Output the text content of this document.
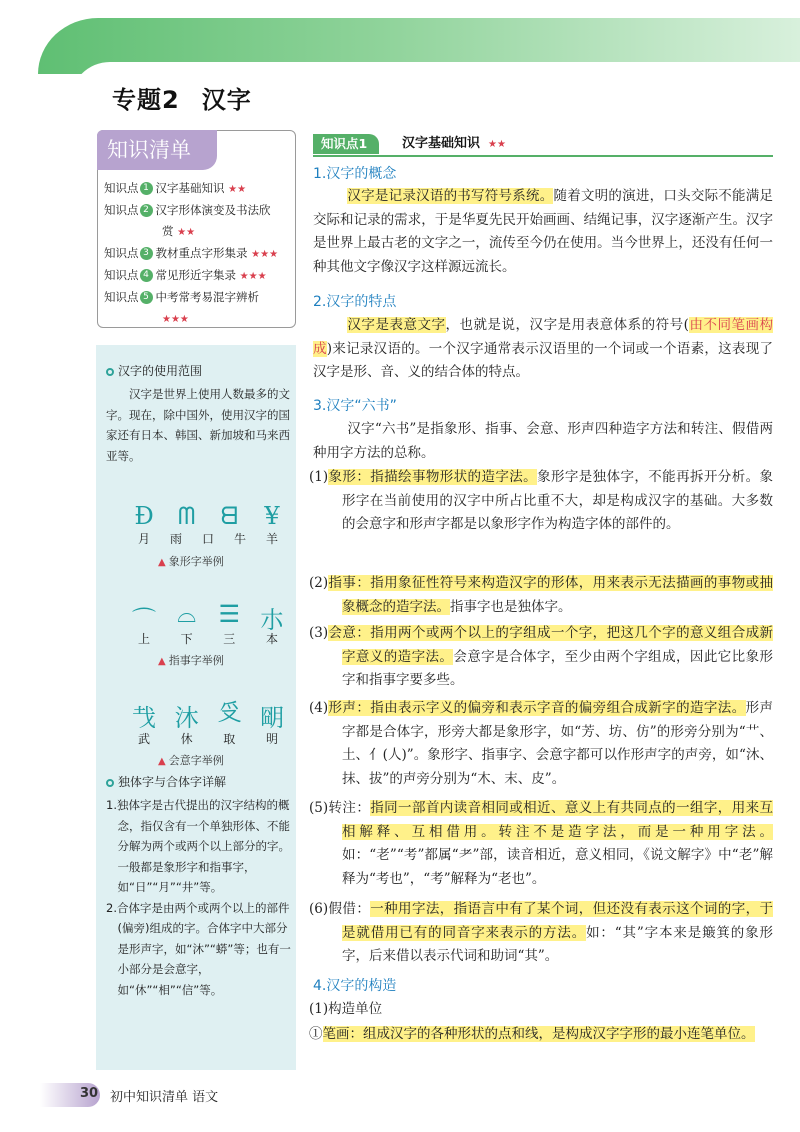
专题2 汉字
知识清单
知识点 1 汉字基础知识 ★★
知识点 2 汉字形体演变及书法欣
赏 ★★
知识点 3 教材重点字形集录 ★★★
知识点 4 常见形近字集录 ★★★
知识点 5 中考常考易混字辨析
★★★
汉字的使用范围

汉字是世界上使用人数最多的文字。现在，除中国外，使用汉字的国家还有日本、韩国、新加坡和马来西亚等。

Ɖ	ᗰ	ᗺ	¥
月	雨	口	牛	羊
▲ 象形字举例
⌒ ⌓ ☰ 朩
上	下	三	本
▲ 指事字举例
𢦏 沐 𠬪 朙
武	休	取	明
▲ 会意字举例
独体字与合体字详解

1.独体字是古代提出的汉字结构的概念，指仅含有一个单独形体、不能分解为两个或两个以上部分的字。一般都是象形字和指事字，如“日”“月”“井”等。

2.合体字是由两个或两个以上的部件(偏旁)组成的字。合体字中大部分是形声字，如“沐”“蟒”等；也有一小部分是会意字，如“休”“相”“信”等。

知识点1	汉字基础知识 ★★
1.汉字的概念

汉字是记录汉语的书写符号系统。随着文明的演进，口头交际不能满足交际和记录的需求，于是华夏先民开始画画、结绳记事，汉字逐渐产生。汉字是世界上最古老的文字之一，流传至今仍在使用。当今世界上，还没有任何一种其他文字像汉字这样源远流长。

2.汉字的特点

汉字是表意文字，也就是说，汉字是用表意体系的符号(由不同笔画构成)来记录汉语的。一个汉字通常表示汉语里的一个词或一个语素，这表现了汉字是形、音、义的结合体的特点。

3.汉字“六书”

汉字“六书”是指象形、指事、会意、形声四种造字方法和转注、假借两种用字方法的总称。

(1)象形：指描绘事物形状的造字法。象形字是独体字，不能再拆开分析。象形字在当前使用的汉字中所占比重不大，却是构成汉字的基础。大多数的会意字和形声字都是以象形字作为构造字体的部件的。
(2)指事：指用象征性符号来构造汉字的形体，用来表示无法描画的事物或抽象概念的造字法。指事字也是独体字。
(3)会意：指用两个或两个以上的字组成一个字，把这几个字的意义组合成新字意义的造字法。会意字是合体字，至少由两个字组成，因此它比象形字和指事字要多些。
(4)形声：指由表示字义的偏旁和表示字音的偏旁组合成新字的造字法。形声字都是合体字，形旁大都是象形字，如“芳、坊、仿”的形旁分别为“艹、土、亻(人)”。象形字、指事字、会意字都可以作形声字的声旁，如“沐、抹、拔”的声旁分别为“木、末、皮”。
(5)转注：指同一部首内读音相同或相近、意义上有共同点的一组字，用来互相解释、互相借用。转注不是造字法，而是一种用字法。如：“老”“考”都属“耂”部，读音相近，意义相同，《说文解字》中“老”解释为“考也”，“考”解释为“老也”。
(6)假借：一种用字法，指语言中有了某个词，但还没有表示这个词的字，于是就借用已有的同音字来表示的方法。如：“其”字本来是簸箕的象形字，后来借以表示代词和助词“其”。
4.汉字的构造

(1)构造单位

①笔画：组成汉字的各种形状的点和线，是构成汉字字形的最小连笔单位。
30 初中知识清单 语文
